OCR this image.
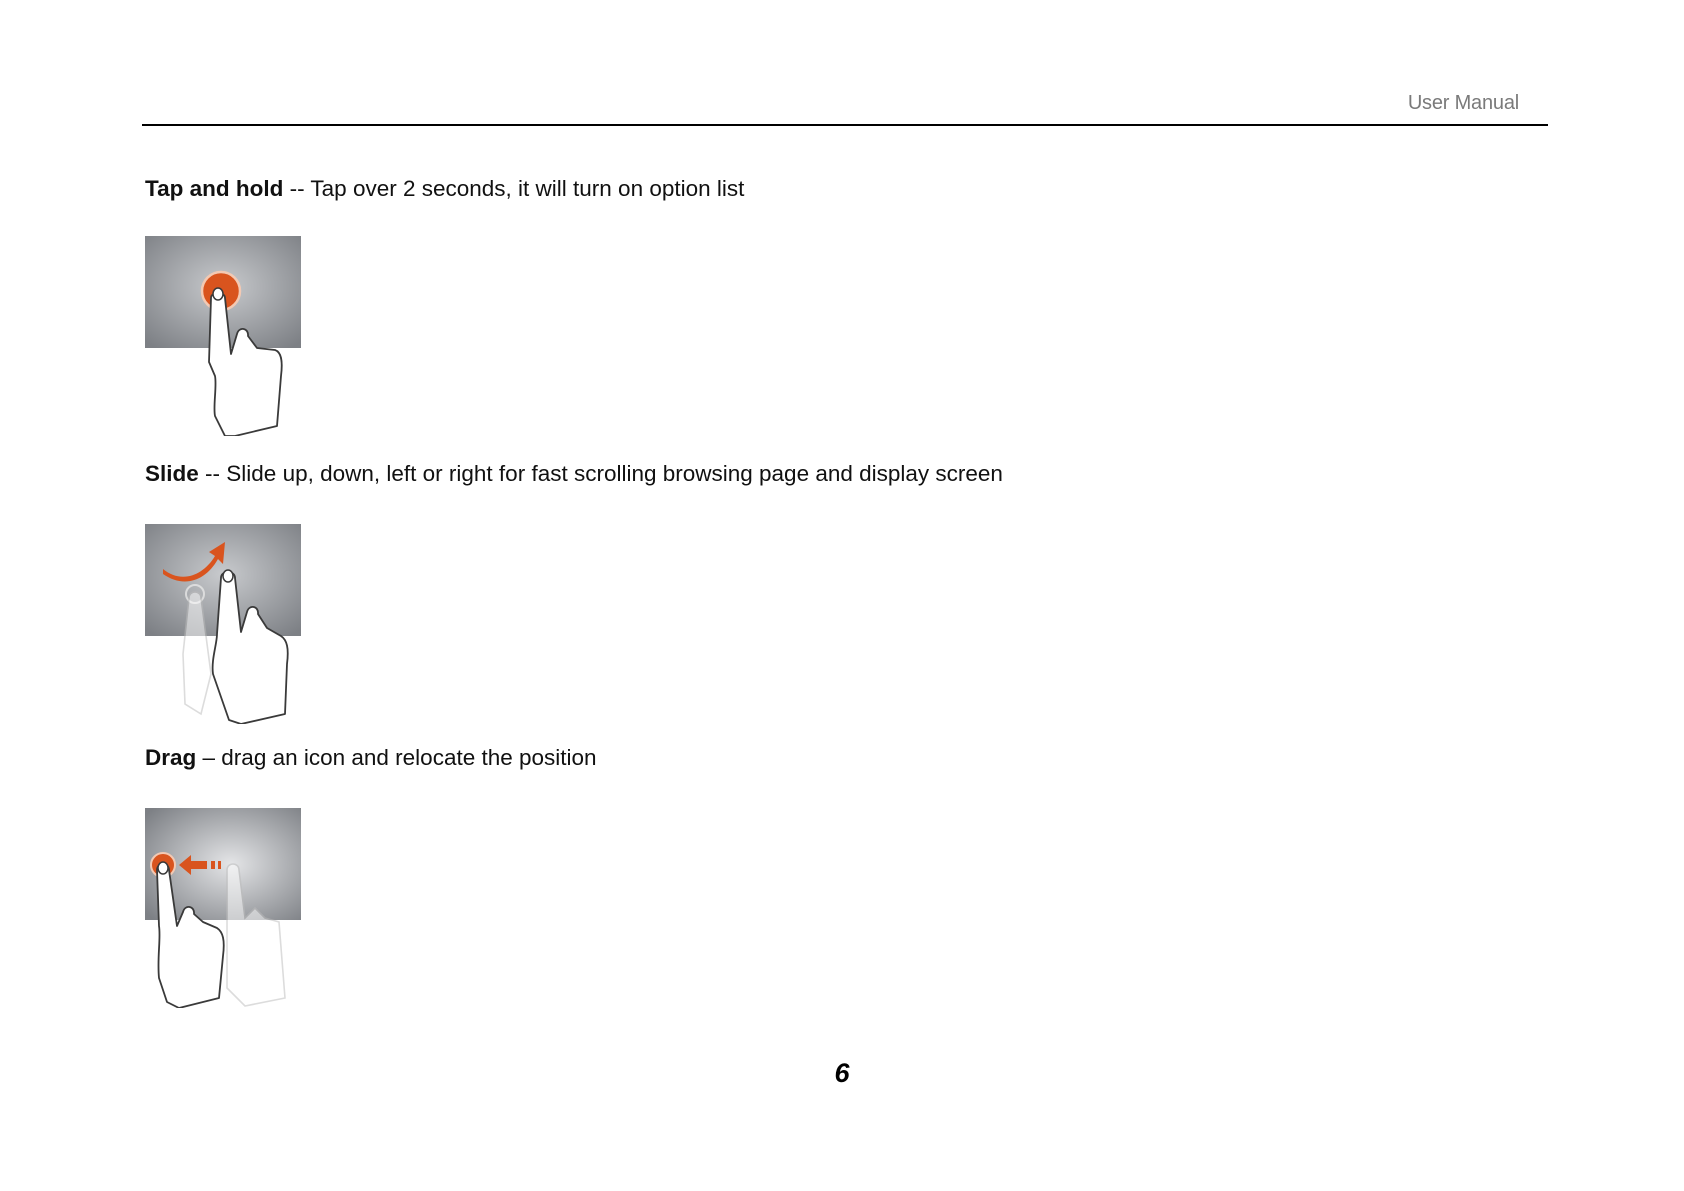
User Manual
Tap and hold -- Tap over 2 seconds, it will turn on option list
Slide -- Slide up, down, left or right for fast scrolling browsing page and display screen
Drag – drag an icon and relocate the position
6
